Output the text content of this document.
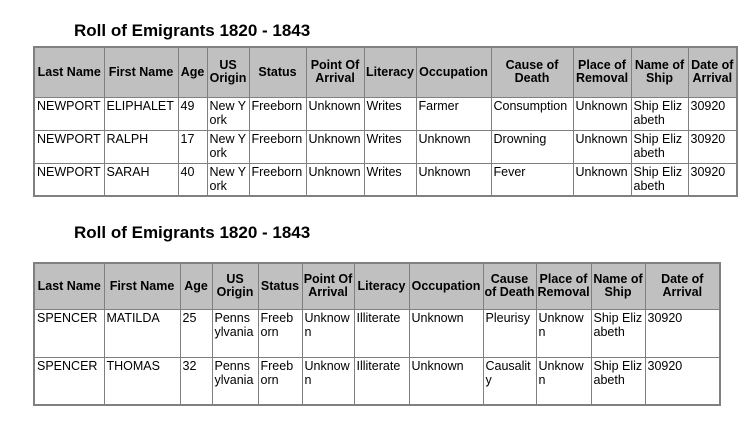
Roll of Emigrants 1820 - 1843
Last Name	First Name	Age	US Origin	Status	Point Of Arrival	Literacy	Occupation	Cause of Death	Place of Removal	Name of Ship	Date of Arrival
NEWPORT	ELIPHALET	49	New York	Freeborn	Unknown	Writes	Farmer	Consumption	Unknown	Ship Elizabeth	30920
NEWPORT	RALPH	17	New York	Freeborn	Unknown	Writes	Unknown	Drowning	Unknown	Ship Elizabeth	30920
NEWPORT	SARAH	40	New York	Freeborn	Unknown	Writes	Unknown	Fever	Unknown	Ship Elizabeth	30920
Roll of Emigrants 1820 - 1843
Last Name	First Name	Age	US Origin	Status	Point Of Arrival	Literacy	Occupation	Cause of Death	Place of Removal	Name of Ship	Date of Arrival
SPENCER	MATILDA	25	Pennsylvania	Freeborn	Unknown	Illiterate	Unknown	Pleurisy	Unknown	Ship Elizabeth	30920
SPENCER	THOMAS	32	Pennsylvania	Freeborn	Unknown	Illiterate	Unknown	Causality	Unknown	Ship Elizabeth	30920
